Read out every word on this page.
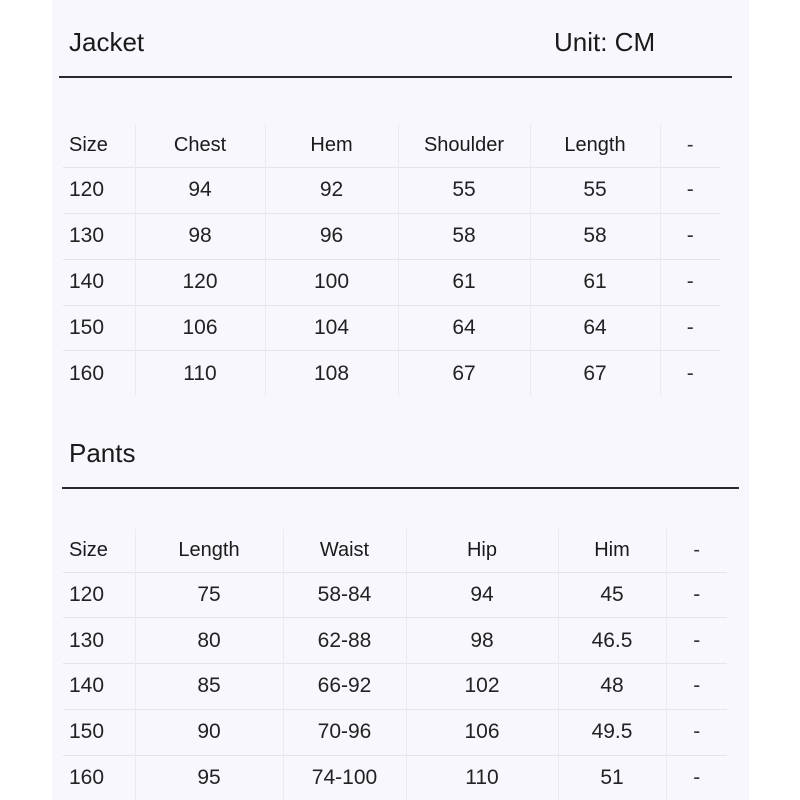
Jacket	Unit: CM
Size	Chest	Hem	Shoulder	Length	-
120	94	92	55	55	-
130	98	96	58	58	-
140	120	100	61	61	-
150	106	104	64	64	-
160	110	108	67	67	-
Pants
Size	Length	Waist	Hip	Him	-
120	75	58-84	94	45	-
130	80	62-88	98	46.5	-
140	85	66-92	102	48	-
150	90	70-96	106	49.5	-
160	95	74-100	110	51	-
